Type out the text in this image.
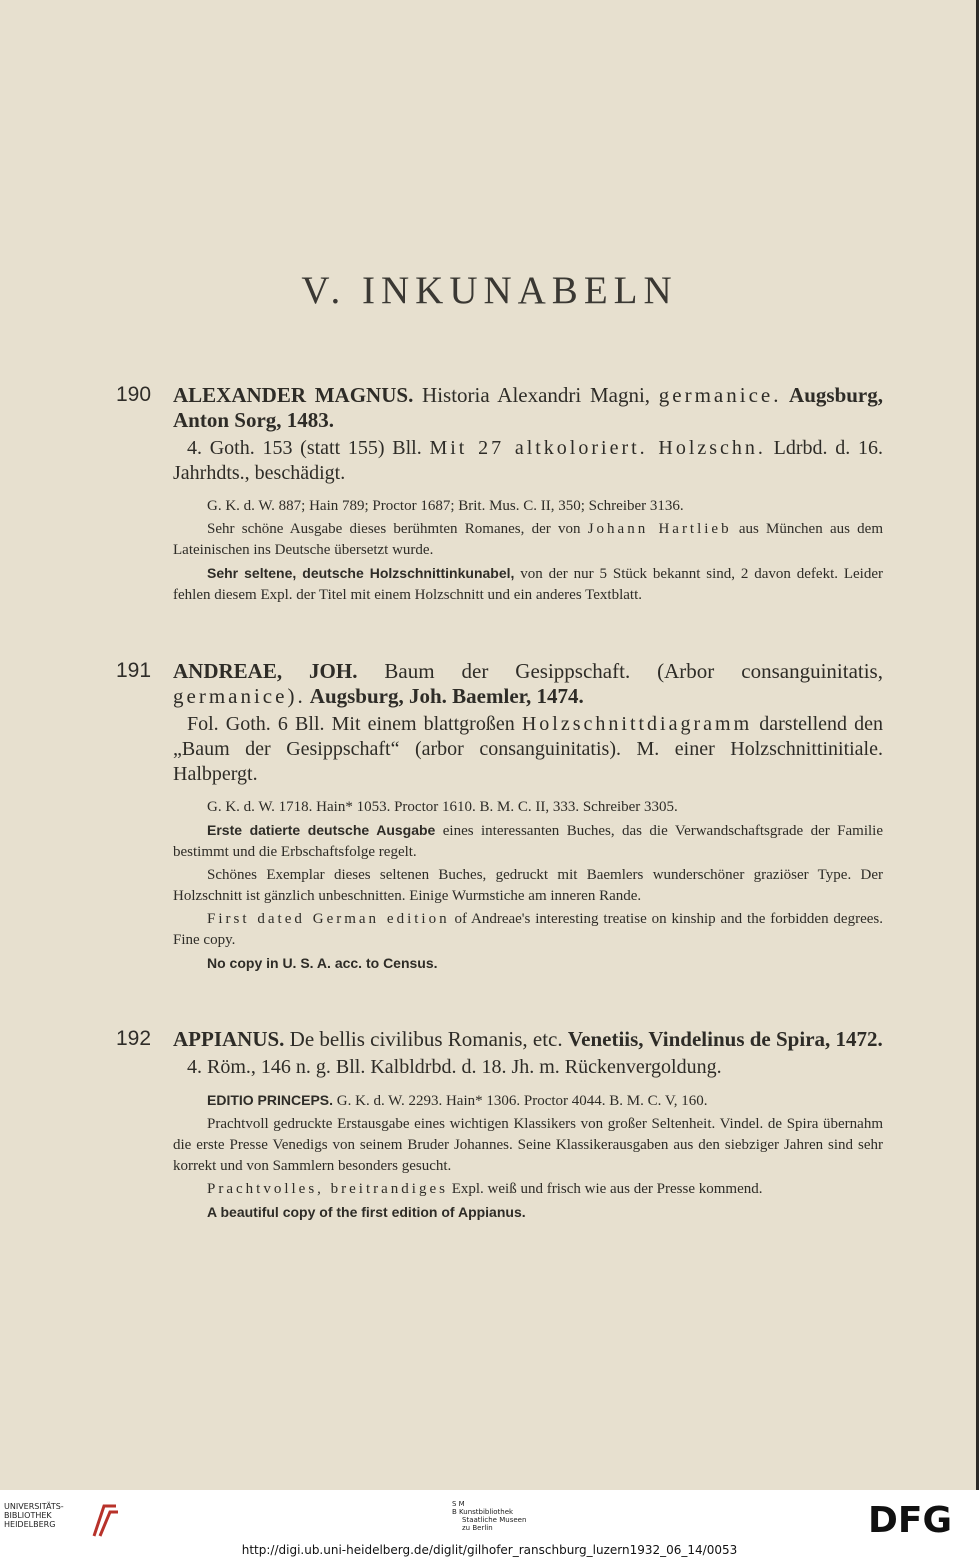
V. INKUNABELN
190 ALEXANDER MAGNUS. Historia Alexandri Magni, germanice. Augsburg, Anton Sorg, 1483.

4. Goth. 153 (statt 155) Bll. Mit 27 altkoloriert. Holzschn. Ldrbd. d. 16. Jahrhdts., beschädigt.

G. K. d. W. 887; Hain 789; Proctor 1687; Brit. Mus. C. II, 350; Schreiber 3136.

Sehr schöne Ausgabe dieses berühmten Romanes, der von Johann Hartlieb aus München aus dem Lateinischen ins Deutsche übersetzt wurde.

Sehr seltene, deutsche Holzschnittinkunabel, von der nur 5 Stück bekannt sind, 2 davon defekt. Leider fehlen diesem Expl. der Titel mit einem Holzschnitt und ein anderes Textblatt.

191 ANDREAE, JOH. Baum der Gesippschaft. (Arbor consanguinitatis, germanice). Augsburg, Joh. Baemler, 1474.

Fol. Goth. 6 Bll. Mit einem blattgroßen Holzschnittdiagramm darstellend den „Baum der Gesippschaft“ (arbor consanguinitatis). M. einer Holzschnittinitiale. Halbpergt.

G. K. d. W. 1718. Hain* 1053. Proctor 1610. B. M. C. II, 333. Schreiber 3305.

Erste datierte deutsche Ausgabe eines interessanten Buches, das die Verwandschaftsgrade der Familie bestimmt und die Erbschaftsfolge regelt.

Schönes Exemplar dieses seltenen Buches, gedruckt mit Baemlers wunderschöner graziöser Type. Der Holzschnitt ist gänzlich unbeschnitten. Einige Wurmstiche am inneren Rande.

First dated German edition of Andreae's interesting treatise on kinship and the forbidden degrees. Fine copy.

No copy in U. S. A. acc. to Census.

192 APPIANUS. De bellis civilibus Romanis, etc. Venetiis, Vindelinus de Spira, 1472.

4. Röm., 146 n. g. Bll. Kalbldrbd. d. 18. Jh. m. Rückenvergoldung.

EDITIO PRINCEPS. G. K. d. W. 2293. Hain* 1306. Proctor 4044. B. M. C. V, 160.

Prachtvoll gedruckte Erstausgabe eines wichtigen Klassikers von großer Seltenheit. Vindel. de Spira übernahm die erste Presse Venedigs von seinem Bruder Johannes. Seine Klassikerausgaben aus den siebziger Jahren sind sehr korrekt und von Sammlern besonders gesucht.

Prachtvolles, breitrandiges Expl. weiß und frisch wie aus der Presse kommend.

A beautiful copy of the first edition of Appianus.

UNIVERSITÄTS-
BIBLIOTHEK
HEIDELBERG
S M
B Kunstbibliothek
Staatliche Museen
zu Berlin	DFG
http://digi.ub.uni-heidelberg.de/diglit/gilhofer_ranschburg_luzern1932_06_14/0053
